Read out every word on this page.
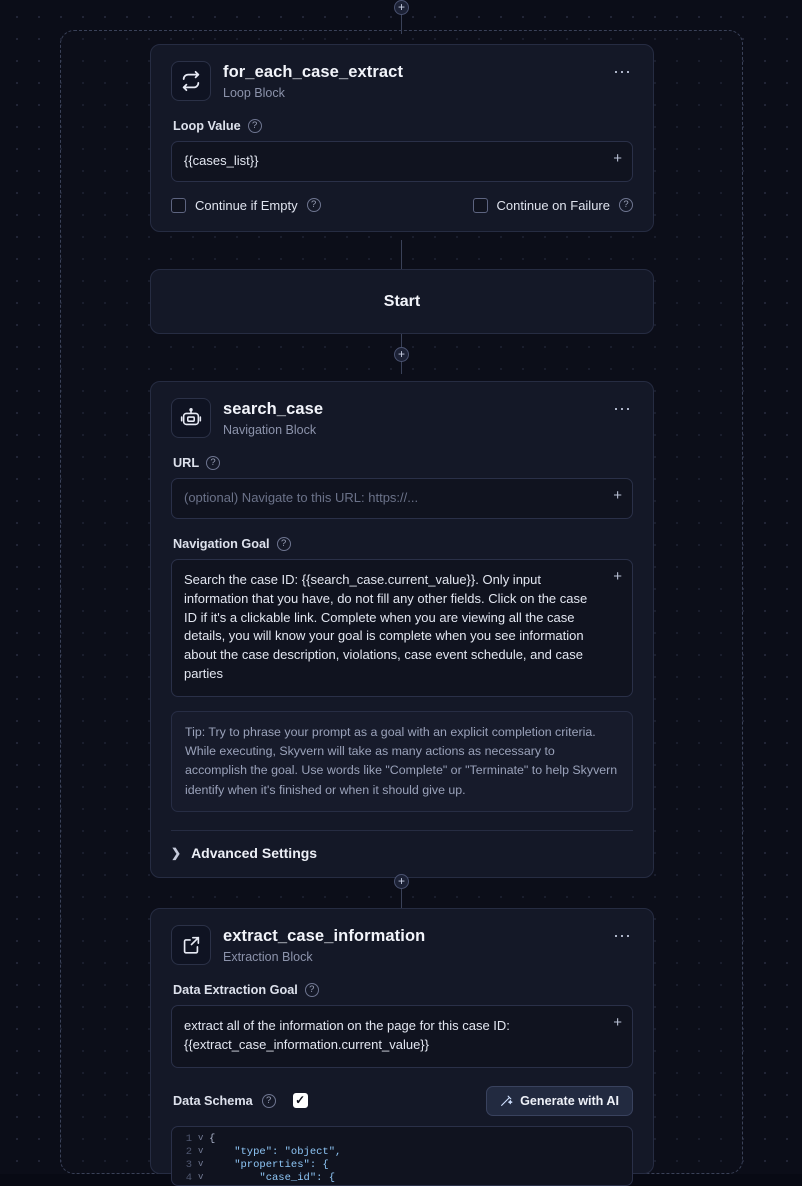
+
+
+
for_each_case_extract
Loop Block
⋯
Loop Value	?
{{cases_list}}	+
Continue if Empty	?	Continue on Failure	?
Start
search_case
Navigation Block
⋯
URL	?
(optional) Navigate to this URL: https://...	+
Navigation Goal	?
Search the case ID: {{search_case.current_value}}. Only input information that you have, do not fill any other fields. Click on the case ID if it's a clickable link. Complete when you are viewing all the case details, you will know your goal is complete when you see information about the case description, violations, case event schedule, and case parties
+
Tip: Try to phrase your prompt as a goal with an explicit completion criteria. While executing, Skyvern will take as many actions as necessary to accomplish the goal. Use words like "Complete" or "Terminate" to help Skyvern identify when it's finished or when it should give up.
❯ Advanced Settings
extract_case_information
Extraction Block
⋯
Data Extraction Goal	?
extract all of the information on the page for this case ID: {{extract_case_information.current_value}}
+
Data Schema	?	✓	Generate with AI
1 v {
2 v "type": "object",
3 v "properties": {
4 v "case_id": {
